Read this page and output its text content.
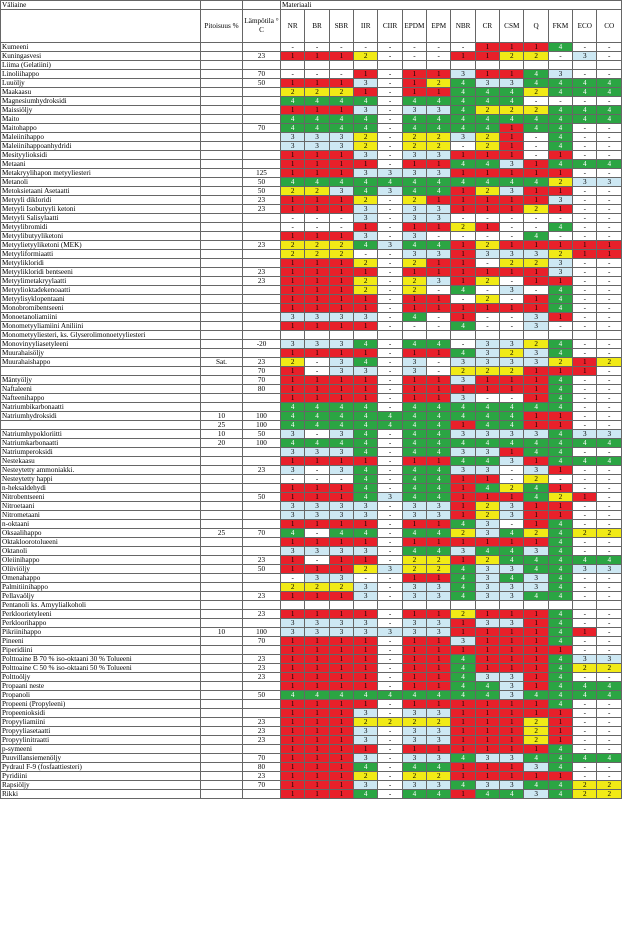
Väliaine			Materiaali													
	Pitoisuus %	Lämpötila ° C	NR	BR	SBR	IIR	CIIR	EPDM	EPM	NBR	CR	CSM	Q	FKM	ECO	CO
Kumeeni			-	-	-	-	-	-	-	-	1	1	1	4	-	-
Kuningasvesi		23	1	1	1	2	-	-	-	1	1	2	2	-	3	-
Liima (Gelatiini)																
Linoliihappo		70	-	-	-	1	-	1	1	3	1	1	4	3	-	-
Luuöljy		50	1	1	1	3	-	1	2	4	3	3	4	4	4	4
Maakaasu			2	2	2	1	-	1	1	4	4	4	2	4	4	4
Magnesiumhydroksidi			4	4	4	4	-	4	4	4	4	4	-	-	-	-
Maissiöljy			1	1	1	3	-	3	3	4	2	2	2	4	4	4
Maito			4	4	4	4	-	4	4	4	4	4	4	4	4	4
Maitohappo		70	4	4	4	4	-	4	4	4	4	1	4	4	-	-
Maleiinihappo			3	3	3	2	-	2	2	3	2	1	-	4	-	-
Maleiinihappoanhydridi			3	3	3	2	-	2	2	-	2	1	-	4	-	-
Mesityylioksidi			1	1	1	3	-	3	3	1	1	1	-	1	-	-
Metaani			1	1	1	1	-	1	1	4	4	3	1	4	4	4
Metakryylihapon metyyliesteri		125	1	1	1	3	3	3	3	1	1	1	1	1	-	-
Metanoli		50	4	4	4	4	4	4	4	4	4	4	4	2	3	3
Metoksietaani Asetaatti		50	2	2	3	4	3	4	4	1	2	3	1	1	-	-
Metyyli dikloridi		23	1	1	1	2	-	2	1	1	1	1	1	3	-	-
Metyyli Isobutyyli ketoni		23	1	1	1	3	-	3	3	1	1	1	2	1	-	-
Metyyli Salisylaatti			-	-	-	3	-	3	3	-	-	-	-	-	-	-
Metyylibromidi			-	-	-	1	-	1	1	2	1	-	-	4	-	-
Metyylibutyyliketoni			1	1	1	3	-	3	-	-	-	-	4	-	-	-
Metyylietyyliketoni (MEK)		23	2	2	2	4	3	4	4	1	2	1	1	1	1	1
Metyyliformiaatti			2	2	2	-	-	3	3	1	3	3	3	2	1	1
Metyylikloridi			1	1	1	2	-	2	1	1	-	2	2	3	-	-
Metyylikloridi bentseeni		23	1	1	1	1	-	1	1	1	1	1	1	3	-	-
Metyylimetakryylaatti		23	1	1	1	2	-	2	3	1	2	-	1	1	-	-
Metyylioktadekenoaatti			1	1	1	2	-	2	-	4	-	3	-	4	-	-
Metyylisyklopentaani			1	1	1	1	-	1	1	-	2	-	1	4	-	-
Monobromibentseeni			1	1	1	1	-	1	1	1	1	1	1	4	-	-
Monoetanoliamiini			3	3	3	3	-	4	-	1	-	-	3	1	-	-
Monometyyliamiini Aniliini			1	1	1	1	-	-	-	4	-	-	3	-	-	-
Monometyyliesteri, ks. Glyserolimonoetyyliesteri																
Monovinyyliasetyleeni		-20	3	3	3	4	-	4	4	-	3	3	2	4	-	-
Muurahaisöljy			1	1	1	1	-	1	1	4	3	2	3	4	-	-
Muurahaishappo	Sat.	23	2	-	3	4	-	3	-	3	3	3	3	2	1	2
		70	1	-	3	3	-	3	-	2	2	2	1	1	1	-
Mäntyöljy		70	1	1	1	1	-	1	1	3	1	1	1	4	-	-
Naftaleeni		80	1	1	1	1	-	1	1	1	1	1	1	4	-	-
Nafteenihappo			1	1	1	1	-	1	1	3	-	-	1	4	-	-
Natriumbikarbonaatti			4	4	4	4	-	4	4	4	4	4	4	4	-	-
Natriumhydroksidi	10	100	4	4	4	4	4	4	4	4	4	4	1	1	-	-
	25	100	4	4	4	4	4	4	4	1	4	4	1	1	-	-
Natriumhypokloriitti	10	50	3	-	3	4	-	4	4	3	3	3	3	4	3	3
Natriumkarbonaatti	20	100	4	4	4	4	-	4	4	4	4	4	4	4	4	4
Natriumperoksidi			3	3	3	4	-	4	4	3	3	1	4	4	-	-
Nestekaasu			1	1	1	1	-	1	1	4	4	3	1	4	4	4
Nesteytetty ammoniakki.		23	3	-	3	4	-	4	4	3	3	-	3	1	-	-
Nesteytetty happi			-	-	-	4	-	4	4	1	1	-	2	-	-	-
n-heksaldehydi			1	1	1	4	-	4	4	1	4	2	4	1	-	-
Nitrobentseeni		50	1	1	1	4	3	4	4	1	1	1	4	2	1	-
Nitroetaani			3	3	3	3	-	3	3	1	2	3	1	1	-	-
Nitrometaani			3	3	3	3	-	3	3	1	2	3	1	1	-	-
n-oktaani			1	1	1	1	-	1	1	4	3	-	1	4	-	-
Oksaalihappo	25	70	4	-	4	4	-	4	4	2	3	4	2	4	2	2
Oktakloorotolueeni			1	1	1	1	-	1	1	1	1	1	1	4	-	-
Oktanoli			3	3	3	3	-	4	4	3	4	4	3	4	-	-
Oleiinihappo		23	1	-	1	1	-	2	2	1	2	4	4	4	4	4
Oliiviöljy		50	1	1	1	2	3	2	2	4	3	3	4	4	3	3
Omenahappo			-	3	3	-	-	1	1	4	3	4	3	4	-	-
Palmitiinihappo			2	2	2	3	-	3	3	4	3	3	3	4	-	-
Pellavaöljy		23	1	1	1	3	-	3	3	4	3	3	4	4	-	-
Pentanoli ks. Amyylialkoholi																
Perkloorietyleeni		23	1	1	1	1	-	1	1	2	1	1	1	4	-	-
Perkloorihappo			3	3	3	3	-	3	3	1	3	3	1	4	-	-
Pikriinihappo	10	100	3	3	3	3	3	3	3	1	1	1	1	4	1	-
Pineeni		70	1	1	1	1	-	1	1	3	1	1	1	4	-	-
Piperidiini			1	1	1	1	-	1	1	1	1	1	1	1	-	-
Polttoaine B 70 % iso-oktaani 30 % Tolueeni		23	1	1	1	1	-	1	1	4	1	1	1	4	3	3
Polttoaine C 50 % iso-oktaani 50 % Tolueeni		23	1	1	1	1	-	1	1	4	1	1	1	4	2	2
Polttoöljy		23	1	1	1	1	-	1	1	4	3	3	1	4	-	-
Propaani neste			1	1	1	1	-	1	1	4	4	3	1	4	4	4
Propanoli		50	4	4	4	4	4	4	4	4	4	3	4	4	4	4
Propeeni (Propyleeni)			1	1	1	1	-	1	1	1	1	1	1	4	-	-
Propeenioksidi			1	1	1	3	-	3	3	1	1	1	1	1	-	-
Propyyliamiini		23	1	1	1	2	2	2	2	1	1	1	2	1	-	-
Propyyliasetaatti		23	1	1	1	3	-	3	3	1	1	1	2	1	-	-
Propyylinitraatti		23	1	1	1	3	-	3	3	1	1	1	2	1	-	-
p-symeeni			1	1	1	1	-	1	1	1	1	1	1	4	-	-
Puuvillansiemenöljy		70	1	1	1	3	-	3	3	4	3	3	4	4	4	4
Pydraul F-9 (fosfaattiesteri)		80	1	1	1	4	-	4	4	1	1	1	3	4	-	-
Pyridiini		23	1	1	1	2	-	2	2	1	1	1	1	1	-	-
Rapsiöljy		70	1	1	1	3	-	3	3	4	3	3	4	4	2	2
Rikki			1	1	1	4	-	4	4	1	4	4	3	4	2	2
